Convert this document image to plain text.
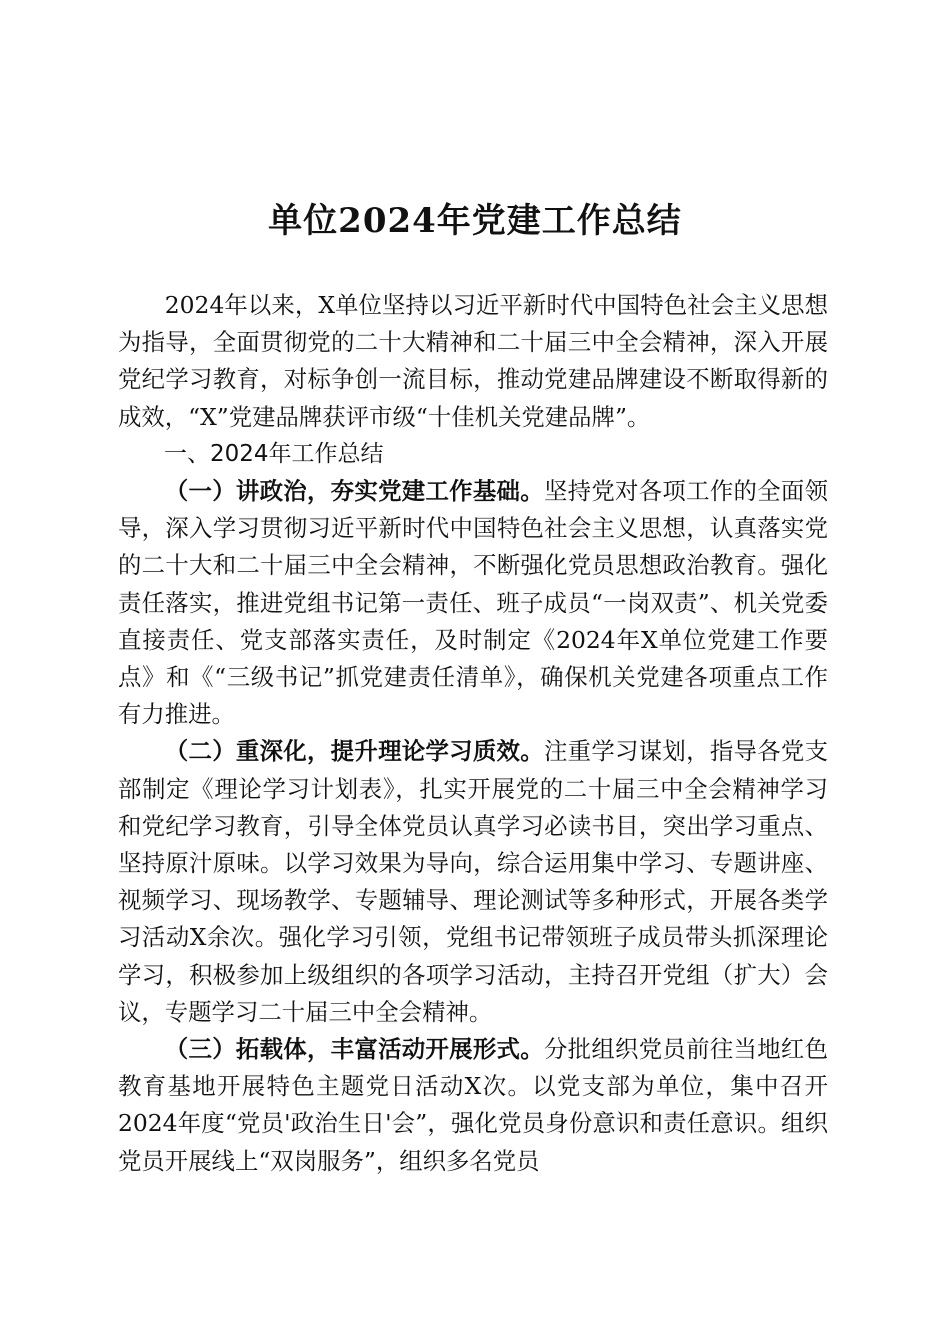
单位2024年党建工作总结

2024年以来，X单位坚持以习近平新时代中国特色社会主义思想为指导，全面贯彻党的二十大精神和二十届三中全会精神，深入开展党纪学习教育，对标争创一流目标，推动党建品牌建设不断取得新的成效，“X”党建品牌获评市级“十佳机关党建品牌”。

一、2024年工作总结

（一）讲政治，夯实党建工作基础。坚持党对各项工作的全面领导，深入学习贯彻习近平新时代中国特色社会主义思想，认真落实党的二十大和二十届三中全会精神，不断强化党员思想政治教育。强化责任落实，推进党组书记第一责任、班子成员“一岗双责”、机关党委直接责任、党支部落实责任，及时制定《2024年X单位党建工作要点》和《“三级书记”抓党建责任清单》，确保机关党建各项重点工作有力推进。

（二）重深化，提升理论学习质效。注重学习谋划，指导各党支部制定《理论学习计划表》，扎实开展党的二十届三中全会精神学习和党纪学习教育，引导全体党员认真学习必读书目，突出学习重点、坚持原汁原味。以学习效果为导向，综合运用集中学习、专题讲座、视频学习、现场教学、专题辅导、理论测试等多种形式，开展各类学习活动X余次。强化学习引领，党组书记带领班子成员带头抓深理论学习，积极参加上级组织的各项学习活动，主持召开党组（扩大）会议，专题学习二十届三中全会精神。

（三）拓载体，丰富活动开展形式。分批组织党员前往当地红色教育基地开展特色主题党日活动X次。以党支部为单位，集中召开2024年度“党员'政治生日'会”，强化党员身份意识和责任意识。组织党员开展线上“双岗服务”，组织多名党员
